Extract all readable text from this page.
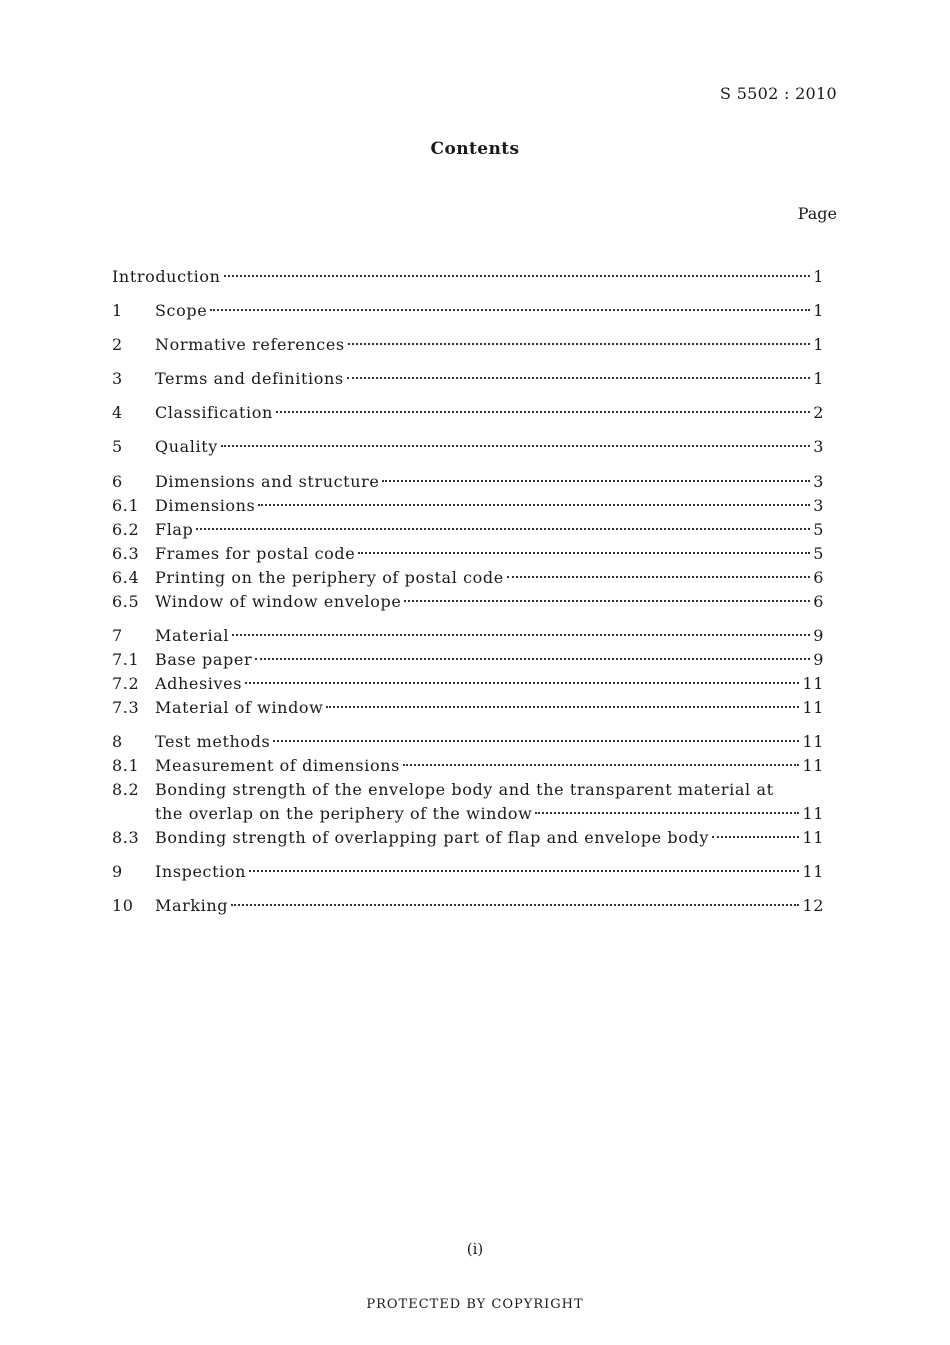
S 5502 : 2010
Contents
Page
Introduction	1
1	Scope	1
2	Normative references	1
3	Terms and definitions	1
4	Classification	2
5	Quality	3
6	Dimensions and structure	3
6.1 Dimensions	3
6.2 Flap	5
6.3 Frames for postal code	5
6.4 Printing on the periphery of postal code	6
6.5 Window of window envelope	6
7	Material	9
7.1 Base paper	9
7.2 Adhesives	11
7.3 Material of window	11
8	Test methods	11
8.1 Measurement of dimensions	11
8.2 Bonding strength of the envelope body and the transparent material at
the overlap on the periphery of the window	11
8.3 Bonding strength of overlapping part of flap and envelope body	11
9	Inspection	11
10	Marking	12
(i)
PROTECTED BY COPYRIGHT
